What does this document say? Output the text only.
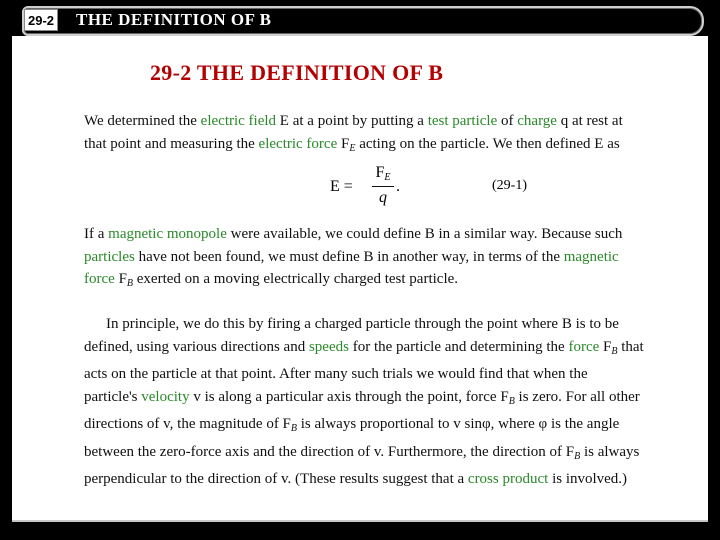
29-2 THE DEFINITION OF B
29-2 THE DEFINITION OF B
We determined the electric field E at a point by putting a test particle of charge q at rest at that point and measuring the electric force $F_E$ acting on the particle. We then defined E as
E =
$F_E$
q
.	(29-1)
If a magnetic monopole were available, we could define B in a similar way. Because such particles have not been found, we must define B in another way, in terms of the magnetic force $F_B$ exerted on a moving electrically charged test particle.
In principle, we do this by firing a charged particle through the point where B is to be defined, using various directions and speeds for the particle and determining the force $F_B$ that acts on the particle at that point. After many such trials we would find that when the particle's velocity v is along a particular axis through the point, force $F_B$ is zero. For all other directions of v, the magnitude of $F_B$ is always proportional to v sinφ, where φ is the angle between the zero-force axis and the direction of v. Furthermore, the direction of $F_B$ is always perpendicular to the direction of v. (These results suggest that a cross product is involved.)
